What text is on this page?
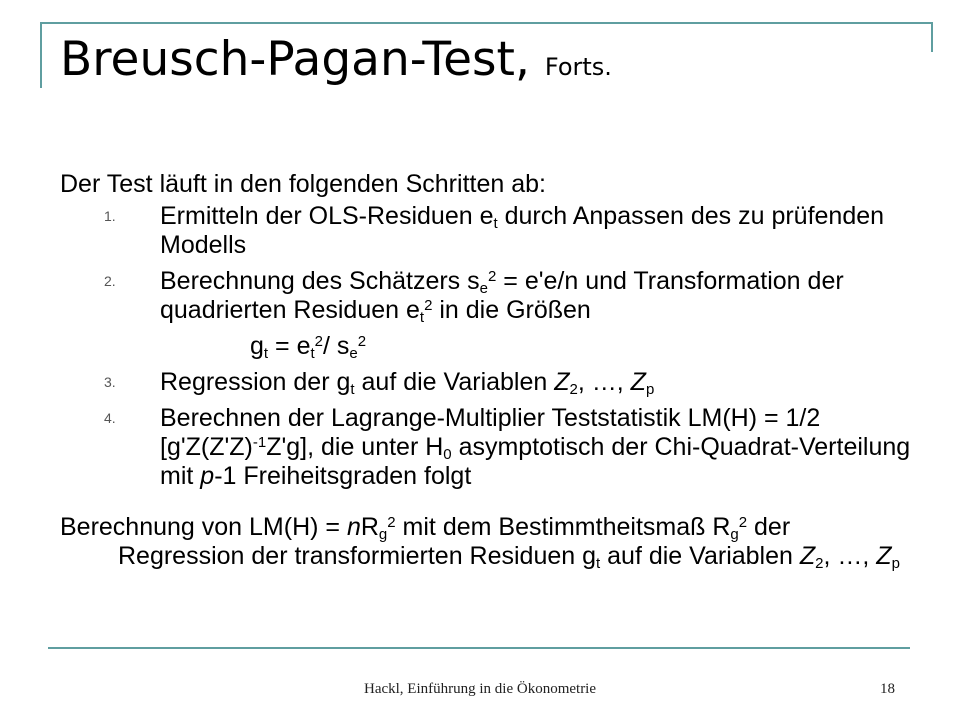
Breusch-Pagan-Test, Forts.
Der Test läuft in den folgenden Schritten ab:
1. Ermitteln der OLS-Residuen $e_t$ durch Anpassen des zu prüfenden Modells
2. Berechnung des Schätzers $s_e^2 = e'e/n$ und Transformation der quadrierten Residuen $e_t^2$ in die Größen
$g_t = e_t^2/$ $s_e^2$
3. Regression der $g_t$ auf die Variablen $Z_2$, …, $Z_p$
4. Berechnen der Lagrange-Multiplier Teststatistik LM(H) = 1/2 $[g'Z(Z'Z)^{-1}Z'g]$, die unter $H_0$ asymptotisch der Chi-Quadrat-Verteilung mit p-1 Freiheitsgraden folgt
Berechnung von $LM(H) = nR_g^2$ mit dem Bestimmtheitsmaß $R_g^2$ der Regression der transformierten Residuen $g_t$ auf die Variablen $Z_2$, …, $Z_p$
Hackl, Einführung in die Ökonometrie	18
